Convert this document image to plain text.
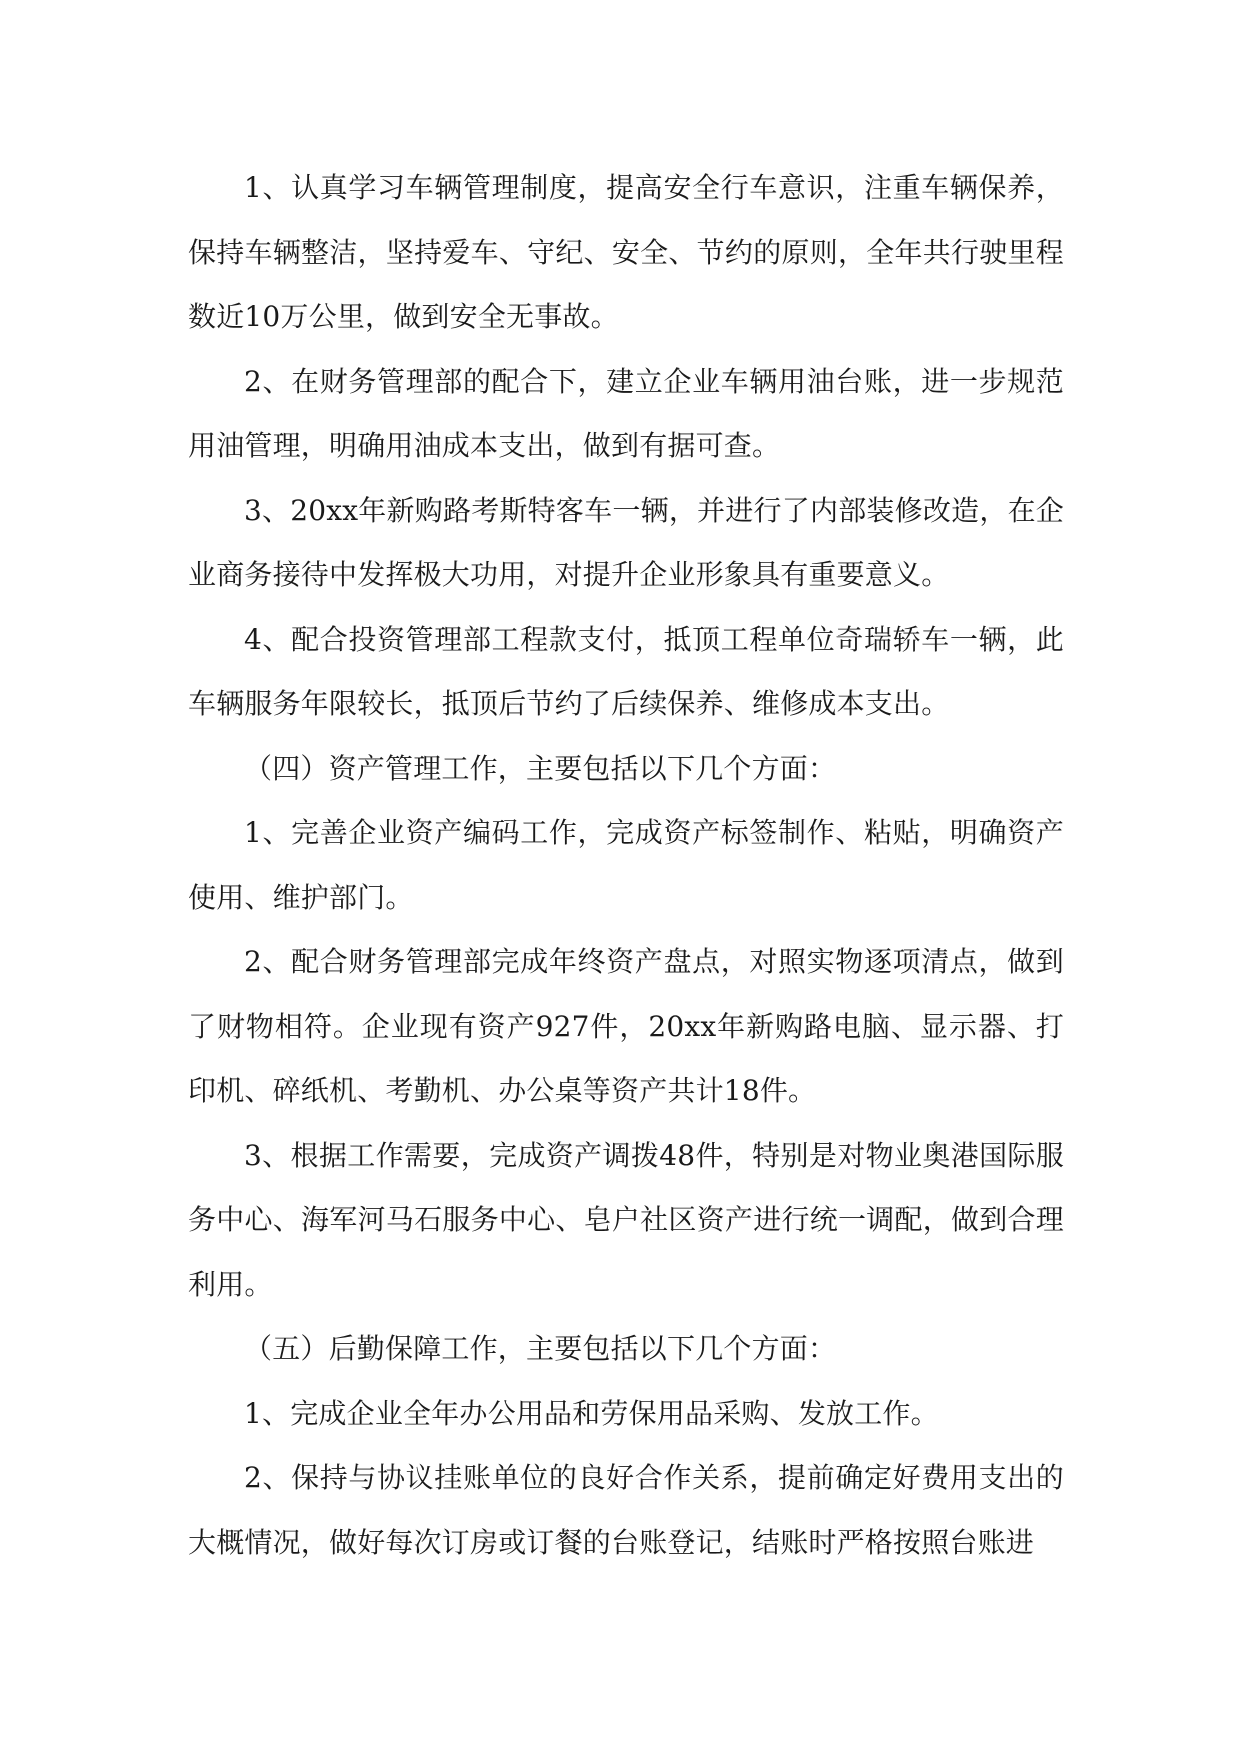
1、认真学习车辆管理制度，提高安全行车意识，注重车辆保养，保持车辆整洁，坚持爱车、守纪、安全、节约的原则，全年共行驶里程数近10万公里，做到安全无事故。

2、在财务管理部的配合下，建立企业车辆用油台账，进一步规范用油管理，明确用油成本支出，做到有据可查。

3、20xx年新购路考斯特客车一辆，并进行了内部装修改造，在企业商务接待中发挥极大功用，对提升企业形象具有重要意义。

4、配合投资管理部工程款支付，抵顶工程单位奇瑞轿车一辆，此车辆服务年限较长，抵顶后节约了后续保养、维修成本支出。

（四）资产管理工作，主要包括以下几个方面：

1、完善企业资产编码工作，完成资产标签制作、粘贴，明确资产使用、维护部门。

2、配合财务管理部完成年终资产盘点，对照实物逐项清点，做到了财物相符。企业现有资产927件，20xx年新购路电脑、显示器、打印机、碎纸机、考勤机、办公桌等资产共计18件。

3、根据工作需要，完成资产调拨48件，特别是对物业奥港国际服务中心、海军河马石服务中心、皂户社区资产进行统一调配，做到合理利用。

（五）后勤保障工作，主要包括以下几个方面：

1、完成企业全年办公用品和劳保用品采购、发放工作。

2、保持与协议挂账单位的良好合作关系，提前确定好费用支出的大概情况，做好每次订房或订餐的台账登记，结账时严格按照台账进
